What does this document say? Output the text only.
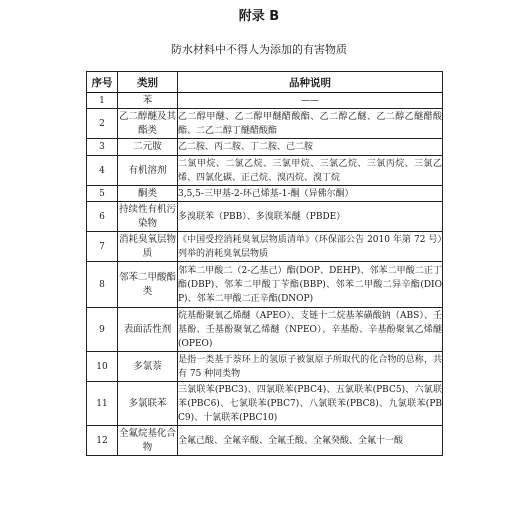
附录 B
防水材料中不得人为添加的有害物质
序号	类别	品种说明
1	苯	——
2	乙二醇醚及其酯类	乙二醇甲醚、乙二醇甲醚醋酸酯、乙二醇乙醚、乙二醇乙醚醋酸酯、二乙二醇丁醚醋酸酯
3	二元胺	乙二胺、丙二胺、丁二胺、己二胺
4	有机溶剂	二氯甲烷、二氯乙烷、三氯甲烷、三氯乙烷、三氯丙烷、三氯乙烯、四氯化碳、正己烷、溴丙烷、溴丁烷
5	酮类	3,5,5-三甲基-2-环己烯基-1-酮（异佛尔酮）
6	持续性有机污染物	多溴联苯（PBB）、多溴联苯醚（PBDE）
7	消耗臭氧层物质	《中国受控消耗臭氧层物质清单》（环保部公告 2010 年第 72 号）列举的消耗臭氧层物质
8	邻苯二甲酸酯类	邻苯二甲酸二（2-乙基己）酯(DOP、DEHP)、邻苯二甲酸二正丁酯(DBP)、邻苯二甲酸丁苄酯(BBP)、邻苯二甲酸二异辛酯(DIOP)、邻苯二甲酸二正辛酯(DNOP)
9	表面活性剂	烷基酚聚氧乙烯醚（APEO）、支链十二烷基苯磺酸钠（ABS）、壬基酚、壬基酚聚氧乙烯醚（NPEO）、辛基酚、辛基酚聚氧乙烯醚(OPEO)
10	多氯萘	是指一类基于萘环上的氢原子被氯原子所取代的化合物的总称，共有 75 种同类物
11	多氯联苯	三氯联苯(PBC3)、四氯联苯(PBC4)、五氯联苯(PBC5)、六氯联苯(PBC6)、七氯联苯(PBC7)、八氯联苯(PBC8)、九氯联苯(PBC9)、十氯联苯(PBC10)
12	全氟烷基化合物	全氟己酸、全氟辛酸、全氟壬酸、全氟癸酸、全氟十一酸
